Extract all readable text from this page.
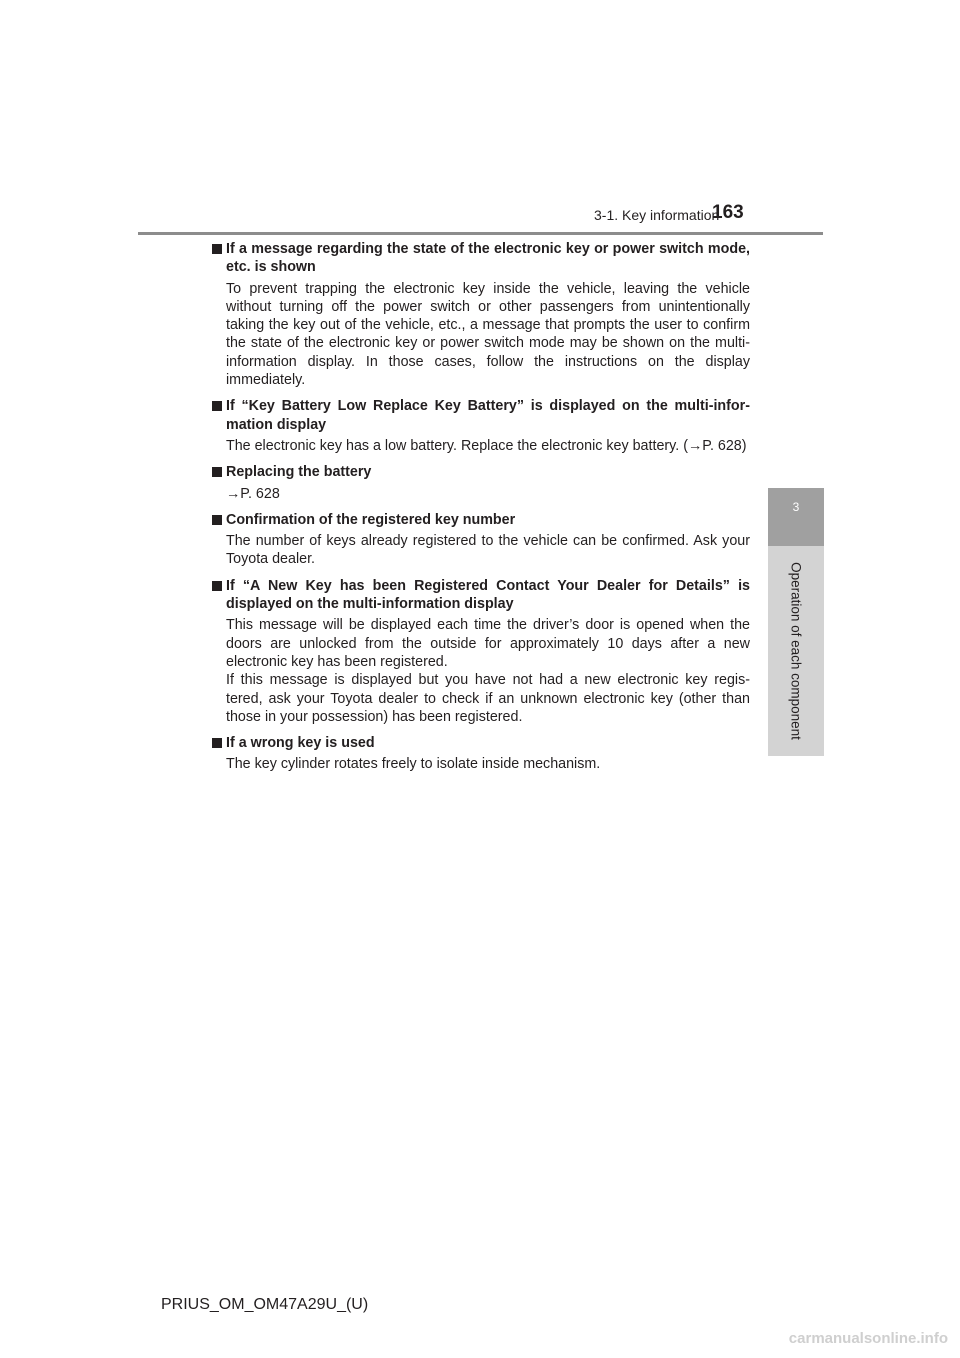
3-1. Key information
163
3
Operation of each component
If a message regarding the state of the electronic key or power switch mode, etc. is shown
To prevent trapping the electronic key inside the vehicle, leaving the vehicle without turning off the power switch or other passengers from unintentionally taking the key out of the vehicle, etc., a message that prompts the user to confirm the state of the electronic key or power switch mode may be shown on the multi-information display. In those cases, follow the instructions on the display immediately.
If “Key Battery Low Replace Key Battery” is displayed on the multi-infor- mation display
The electronic key has a low battery. Replace the electronic key battery. (→P. 628)
Replacing the battery
→P. 628
Confirmation of the registered key number
The number of keys already registered to the vehicle can be confirmed. Ask your Toyota dealer.
If “A New Key has been Registered Contact Your Dealer for Details” is displayed on the multi-information display
This message will be displayed each time the driver’s door is opened when the doors are unlocked from the outside for approximately 10 days after a new electronic key has been registered.
If this message is displayed but you have not had a new electronic key regis- tered, ask your Toyota dealer to check if an unknown electronic key (other than those in your possession) has been registered.
If a wrong key is used
The key cylinder rotates freely to isolate inside mechanism.
PRIUS_OM_OM47A29U_(U)
carmanualsonline.info
